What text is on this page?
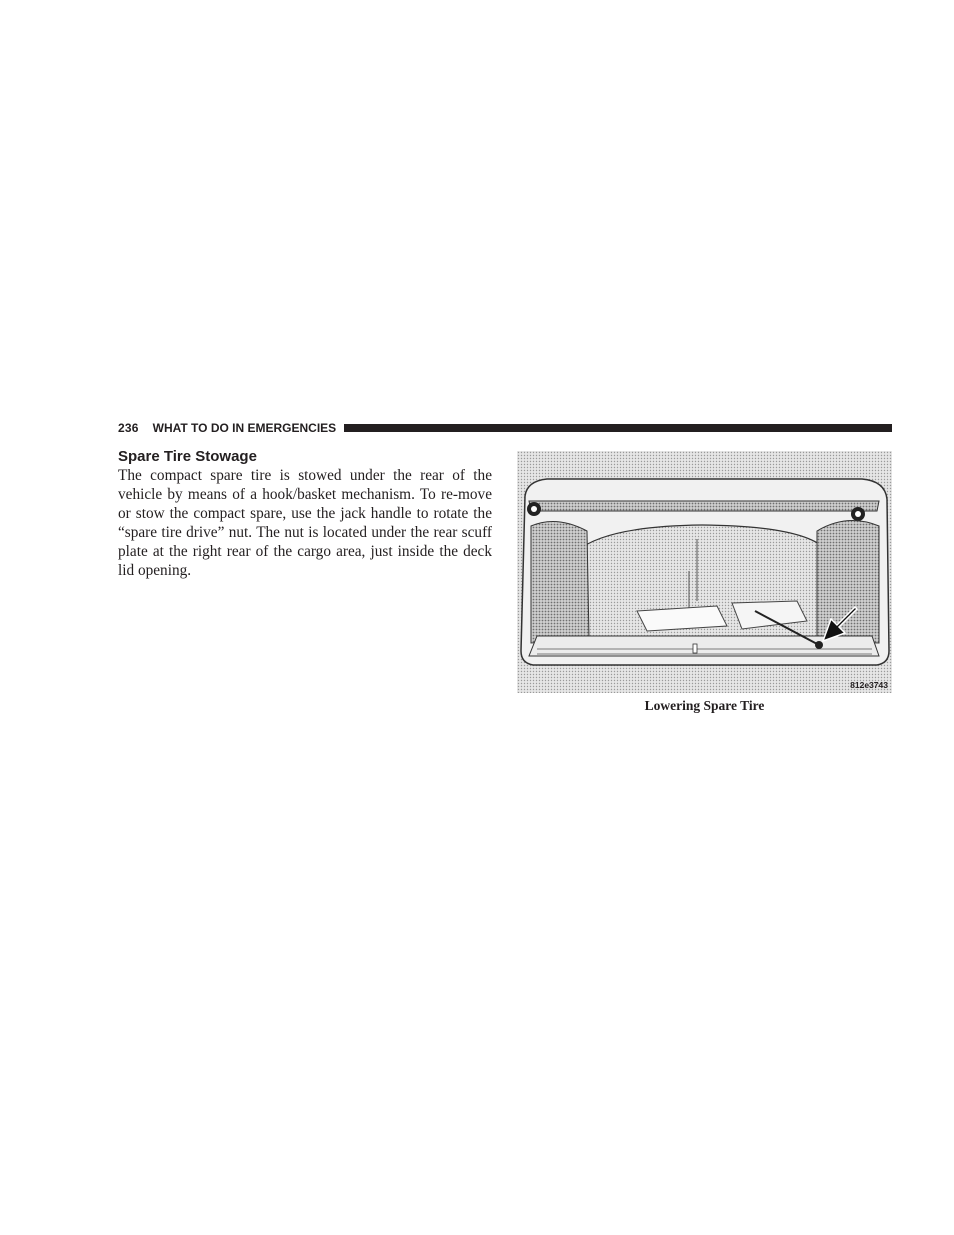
236 WHAT TO DO IN EMERGENCIES
Spare Tire Stowage

The compact spare tire is stowed under the rear of the vehicle by means of a hook/basket mechanism. To re-move or stow the compact spare, use the jack handle to rotate the “spare tire drive” nut. The nut is located under the rear scuff plate at the right rear of the cargo area, just inside the deck lid opening.

812e3743
Lowering Spare Tire
